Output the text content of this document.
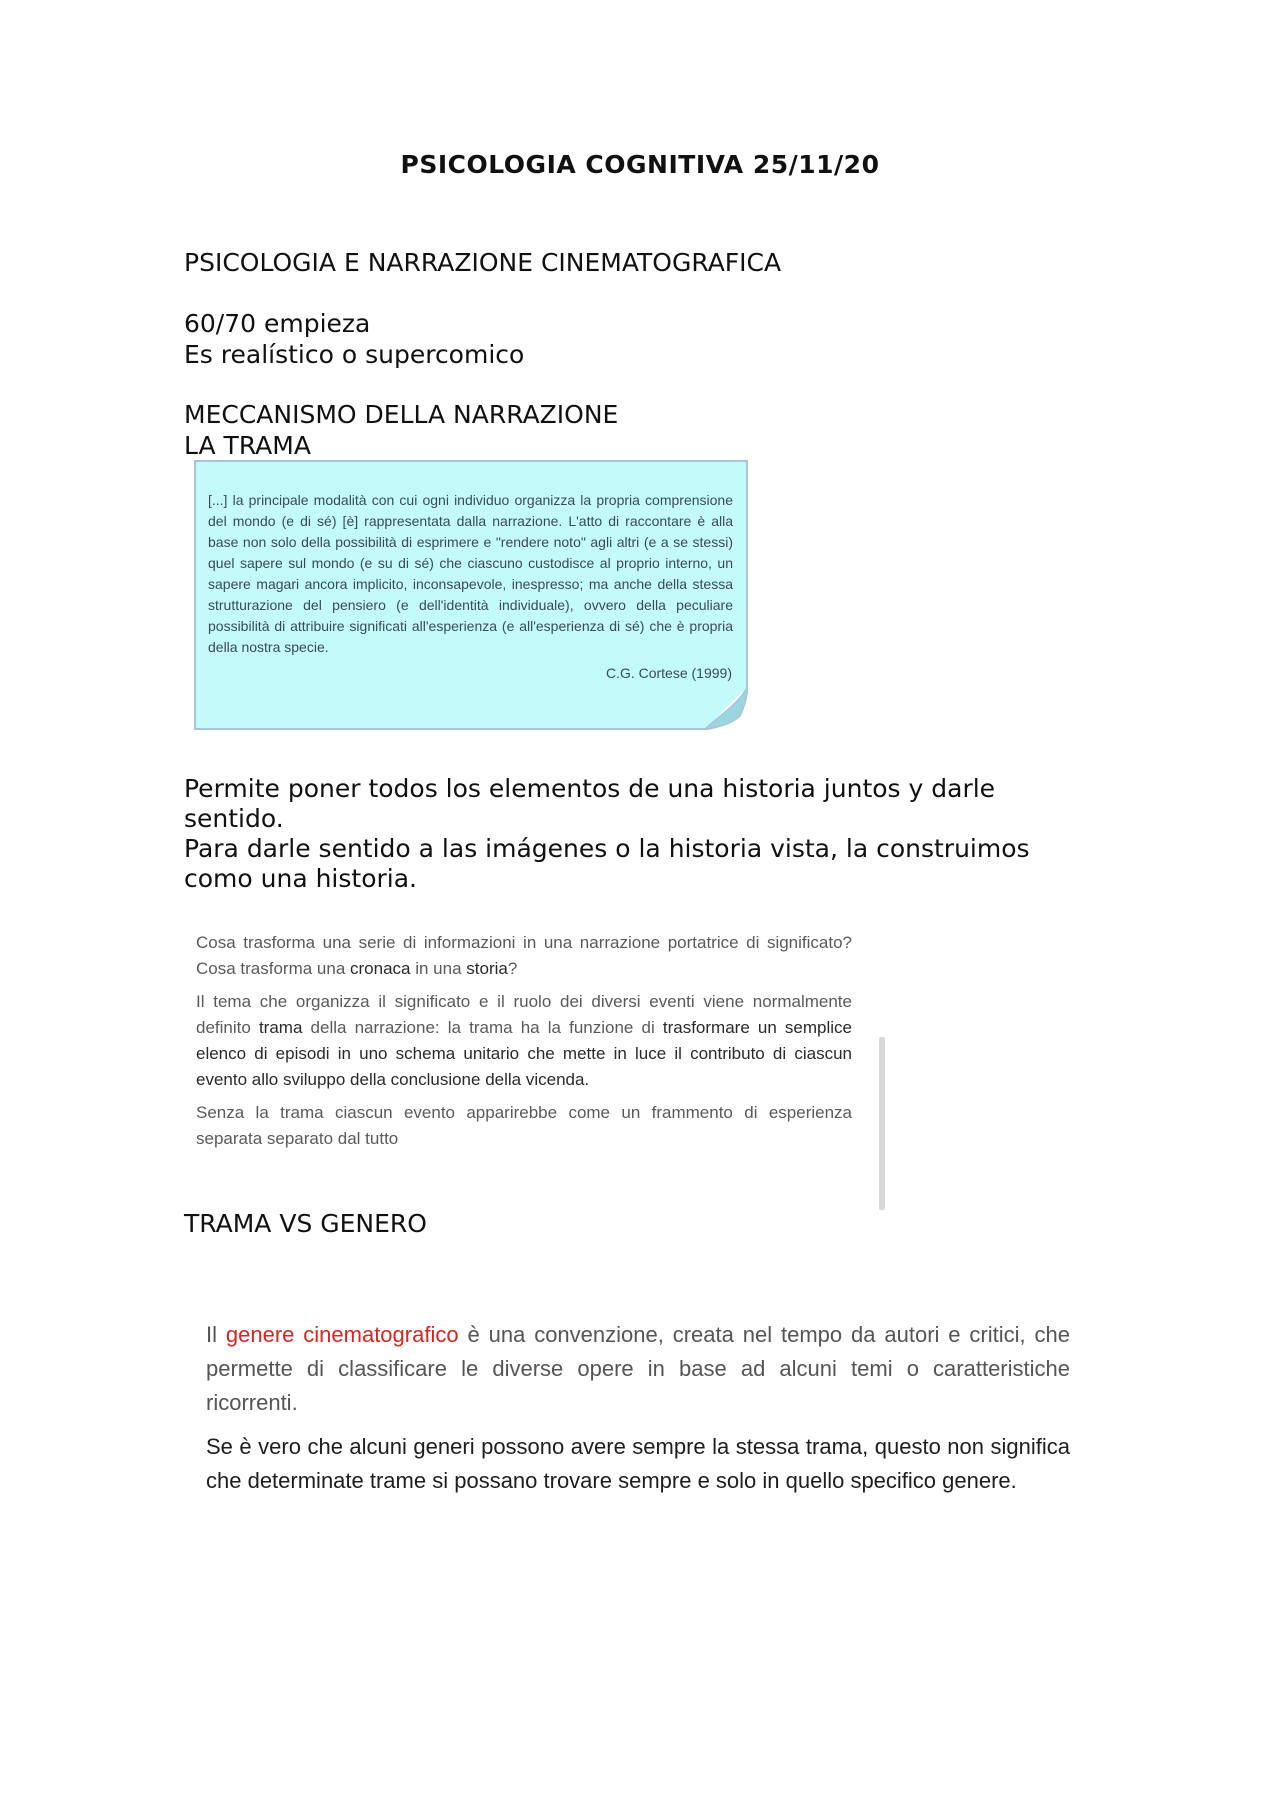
PSICOLOGIA COGNITIVA 25/11/20
PSICOLOGIA E NARRAZIONE CINEMATOGRAFICA
60/70 empieza
Es realístico o supercomico
MECCANISMO DELLA NARRAZIONE
LA TRAMA
[...] la principale modalità con cui ogni individuo organizza la propria comprensione del mondo (e di sé) [è] rappresentata dalla narrazione. L'atto di raccontare è alla base non solo della possibilità di esprimere e "rendere noto" agli altri (e a se stessi) quel sapere sul mondo (e su di sé) che ciascuno custodisce al proprio interno, un sapere magari ancora implicito, inconsapevole, inespresso; ma anche della stessa strutturazione del pensiero (e dell'identità individuale), ovvero della peculiare possibilità di attribuire significati all'esperienza (e all'esperienza di sé) che è propria della nostra specie.
C.G. Cortese (1999)
Permite poner todos los elementos de una historia juntos y darle sentido.
Para darle sentido a las imágenes o la historia vista, la construimos como una historia.

Cosa trasforma una serie di informazioni in una narrazione portatrice di significato? Cosa trasforma una cronaca in una storia?

Il tema che organizza il significato e il ruolo dei diversi eventi viene normalmente definito trama della narrazione: la trama ha la funzione di trasformare un semplice elenco di episodi in uno schema unitario che mette in luce il contributo di ciascun evento allo sviluppo della conclusione della vicenda.

Senza la trama ciascun evento apparirebbe come un frammento di esperienza separata separato dal tutto

TRAMA VS GENERO

Il genere cinematografico è una convenzione, creata nel tempo da autori e critici, che permette di classificare le diverse opere in base ad alcuni temi o caratteristiche ricorrenti.

Se è vero che alcuni generi possono avere sempre la stessa trama, questo non significa che determinate trame si possano trovare sempre e solo in quello specifico genere.
